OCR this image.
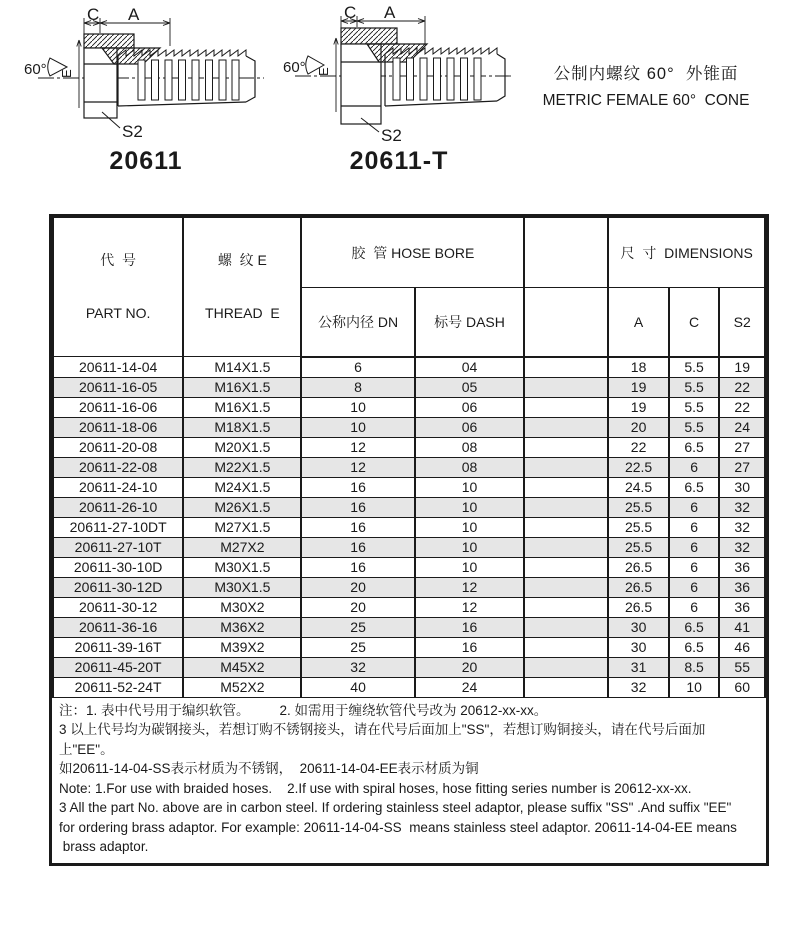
C A
60° E
S2
20611
C A
60° E
S2
20611-T
公制内螺纹 60°  外锥面
METRIC FEMALE 60°  CONE

代  号

PART NO.

螺  纹 E

THREAD  E

	胶  管 HOSE BORE		尺  寸  DIMENSIONS
		公称内径 DN	标号 DASH		A	C	S2
20611-14-04	M14X1.5	6	04		18	5.5	19
20611-16-05	M16X1.5	8	05		19	5.5	22
20611-16-06	M16X1.5	10	06		19	5.5	22
20611-18-06	M18X1.5	10	06		20	5.5	24
20611-20-08	M20X1.5	12	08		22	6.5	27
20611-22-08	M22X1.5	12	08		22.5	6	27
20611-24-10	M24X1.5	16	10		24.5	6.5	30
20611-26-10	M26X1.5	16	10		25.5	6	32
20611-27-10DT	M27X1.5	16	10		25.5	6	32
20611-27-10T	M27X2	16	10		25.5	6	32
20611-30-10D	M30X1.5	16	10		26.5	6	36
20611-30-12D	M30X1.5	20	12		26.5	6	36
20611-30-12	M30X2	20	12		26.5	6	36
20611-36-16	M36X2	25	16		30	6.5	41
20611-39-16T	M39X2	25	16		30	6.5	46
20611-45-20T	M45X2	32	20		31	8.5	55
20611-52-24T	M52X2	40	24		32	10	60
注：1. 表中代号用于编织软管。        2. 如需用于缠绕软管代号改为 20612-xx-xx。
3 以上代号均为碳钢接头，若想订购不锈钢接头，请在代号后面加上"SS"，若想订购铜接头，请在代号后面加上"EE"。
如20611-14-04-SS表示材质为不锈钢，  20611-14-04-EE表示材质为铜
Note: 1.For use with braided hoses.    2.If use with spiral hoses, hose fitting series number is 20612-xx-xx.
3 All the part No. above are in carbon steel. If ordering stainless steel adaptor, please suffix "SS" .And suffix "EE"
for ordering brass adaptor. For example: 20611-14-04-SS  means stainless steel adaptor. 20611-14-04-EE means
brass adaptor.
